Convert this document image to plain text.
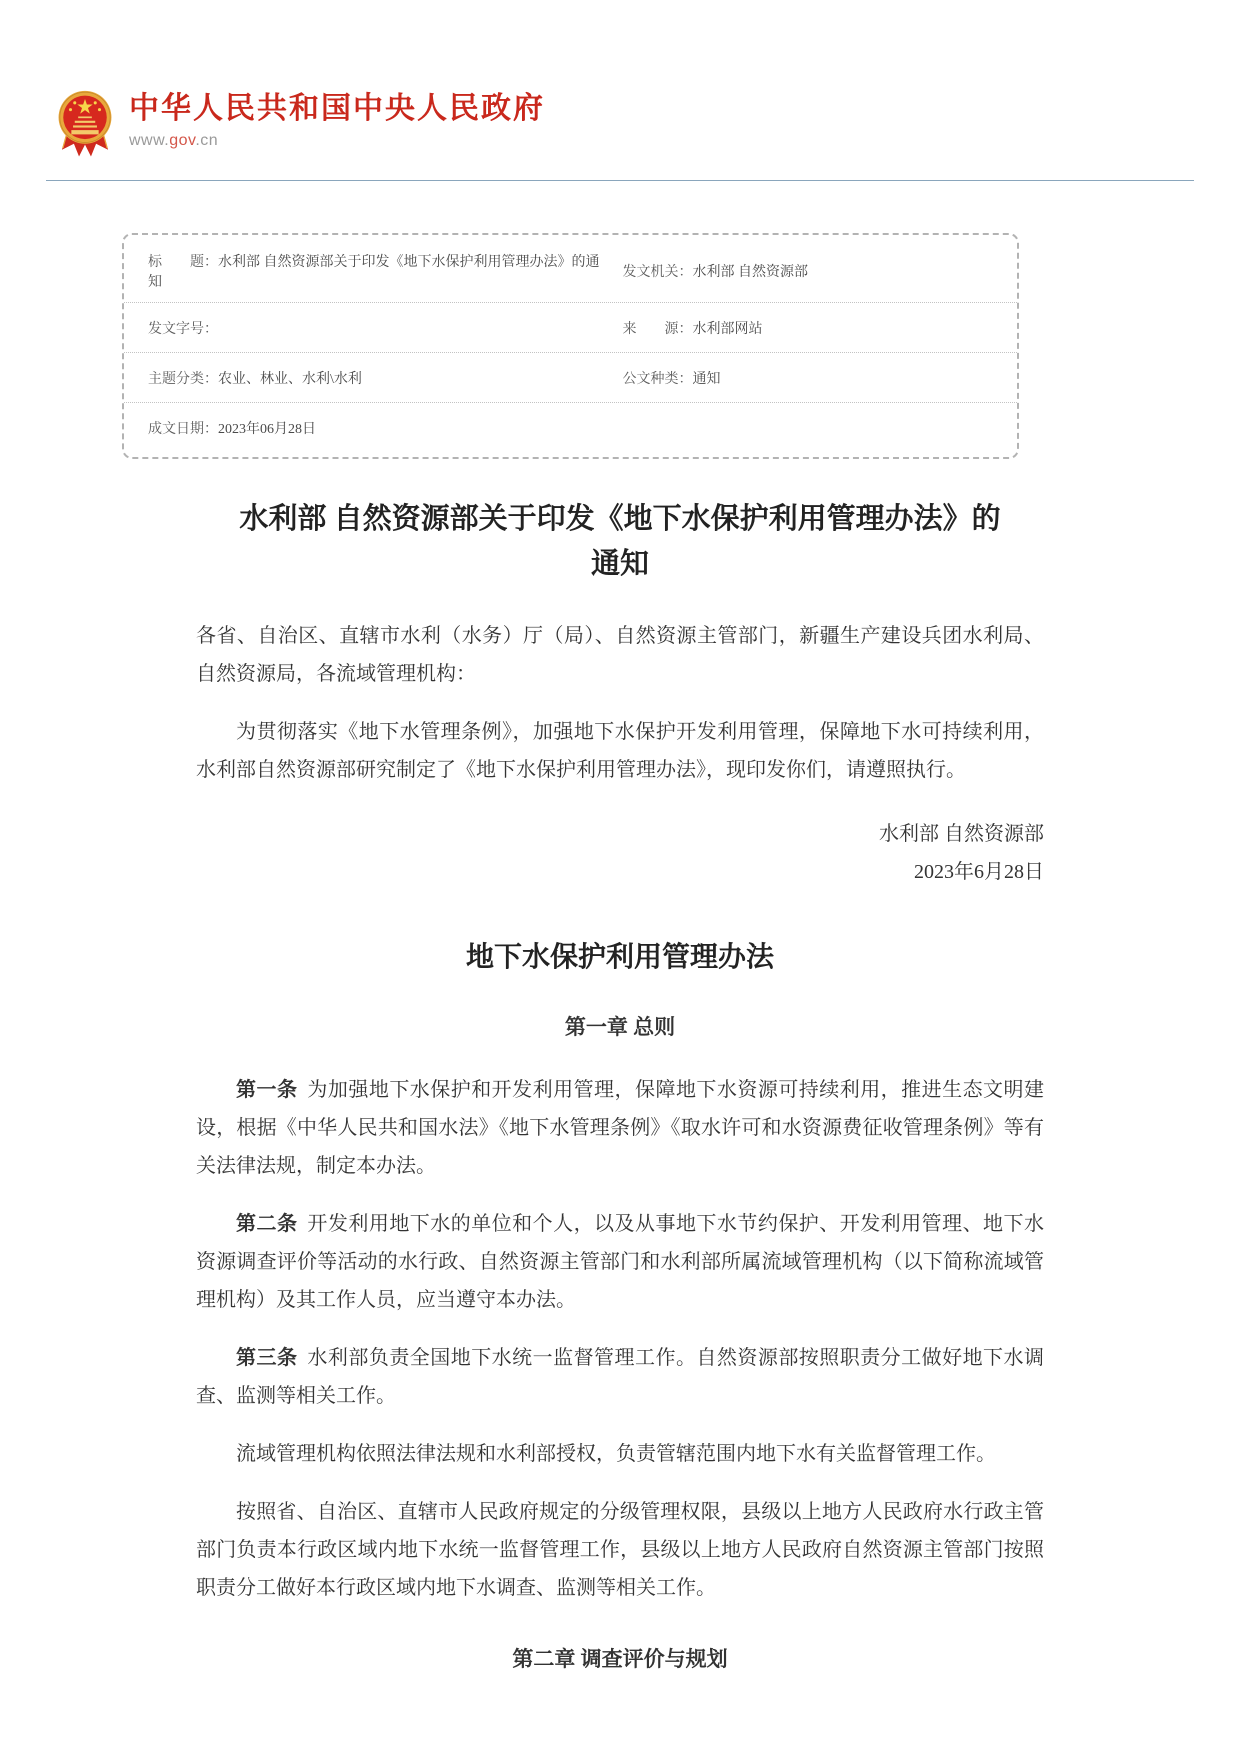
中华人民共和国中央人民政府
www.gov.cn
标　　题：水利部 自然资源部关于印发《地下水保护利用管理办法》的通知
发文机关：水利部 自然资源部
发文字号：	来　　源：水利部网站
主题分类：农业、林业、水利\水利	公文种类：通知
成文日期：2023年06月28日
水利部 自然资源部关于印发《地下水保护利用管理办法》的通知

各省、自治区、直辖市水利（水务）厅（局）、自然资源主管部门，新疆生产建设兵团水利局、自然资源局，各流域管理机构：

为贯彻落实《地下水管理条例》，加强地下水保护开发利用管理，保障地下水可持续利用，水利部自然资源部研究制定了《地下水保护利用管理办法》，现印发你们，请遵照执行。

水利部 自然资源部
2023年6月28日
地下水保护利用管理办法
第一章 总则

第一条 为加强地下水保护和开发利用管理，保障地下水资源可持续利用，推进生态文明建设，根据《中华人民共和国水法》《地下水管理条例》《取水许可和水资源费征收管理条例》等有关法律法规，制定本办法。

第二条 开发利用地下水的单位和个人，以及从事地下水节约保护、开发利用管理、地下水资源调查评价等活动的水行政、自然资源主管部门和水利部所属流域管理机构（以下简称流域管理机构）及其工作人员，应当遵守本办法。

第三条 水利部负责全国地下水统一监督管理工作。自然资源部按照职责分工做好地下水调查、监测等相关工作。

流域管理机构依照法律法规和水利部授权，负责管辖范围内地下水有关监督管理工作。

按照省、自治区、直辖市人民政府规定的分级管理权限，县级以上地方人民政府水行政主管部门负责本行政区域内地下水统一监督管理工作，县级以上地方人民政府自然资源主管部门按照职责分工做好本行政区域内地下水调查、监测等相关工作。

第二章 调查评价与规划
